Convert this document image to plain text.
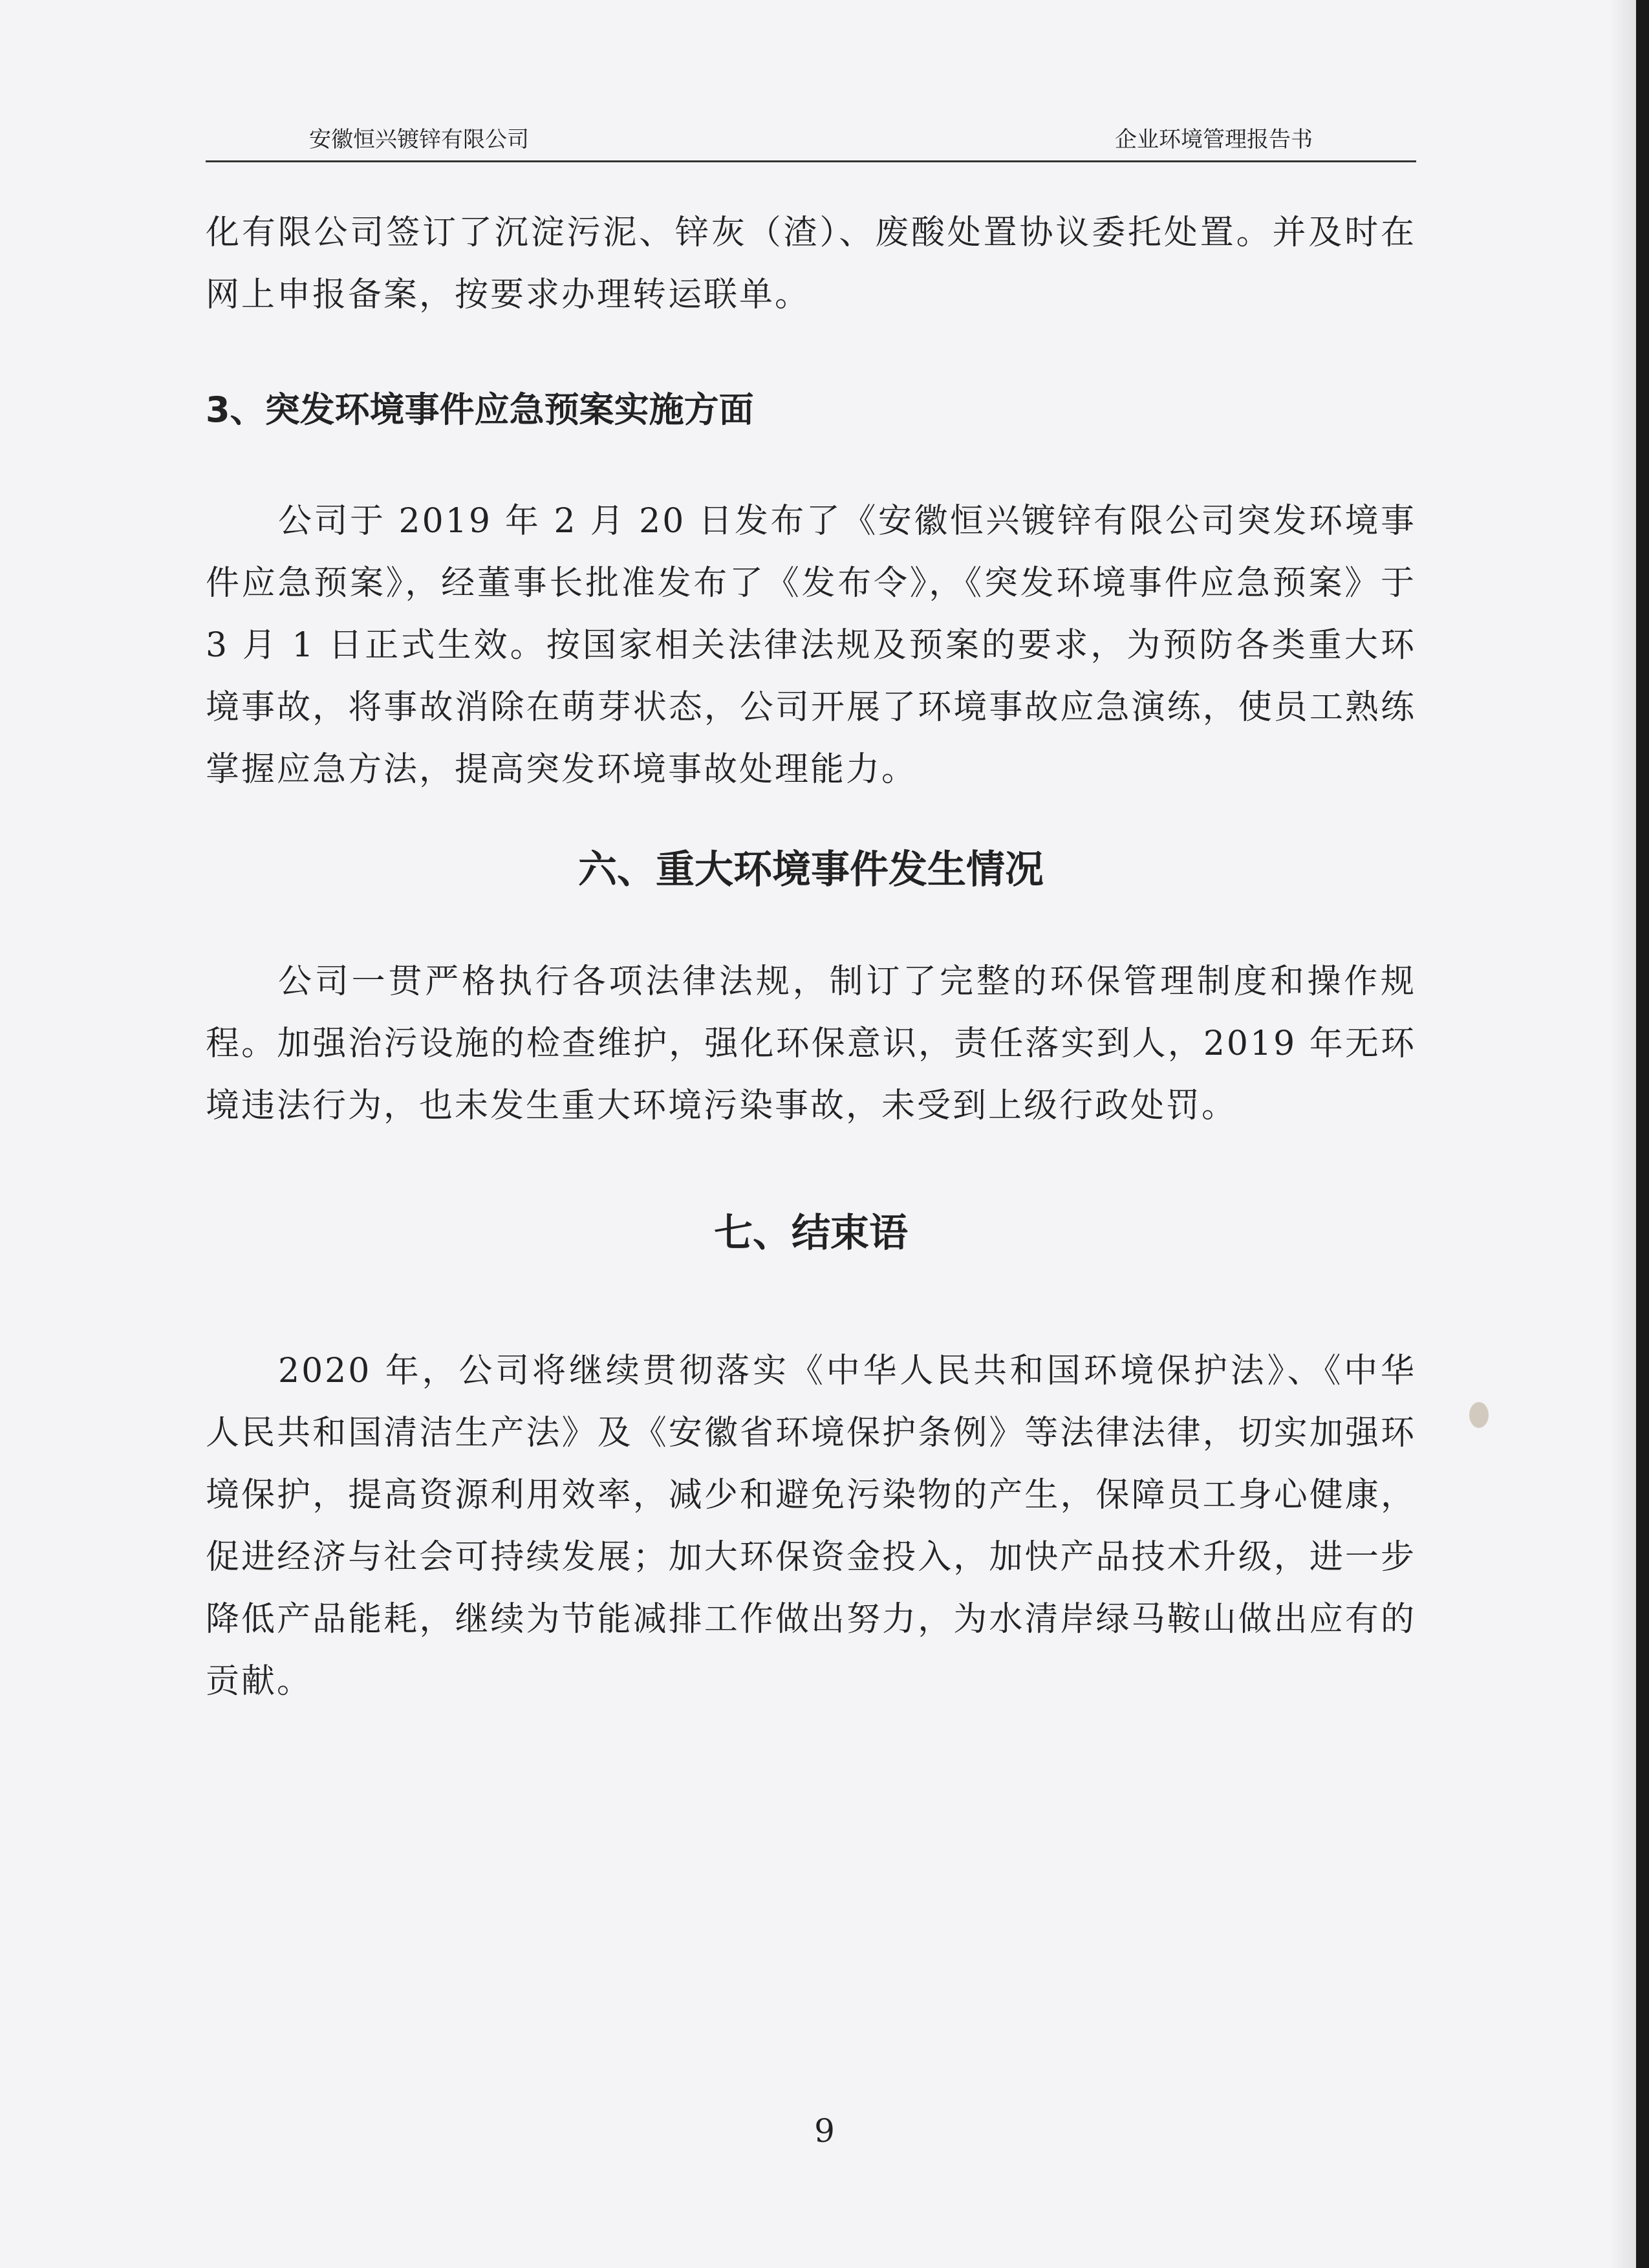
安徽恒兴镀锌有限公司	企业环境管理报告书

化有限公司签订了沉淀污泥、锌灰（渣）、废酸处置协议委托处置。并及时在网上申报备案，按要求办理转运联单。

3、突发环境事件应急预案实施方面

公司于 2019 年 2 月 20 日发布了《安徽恒兴镀锌有限公司突发环境事件应急预案》，经董事长批准发布了《发布令》，《突发环境事件应急预案》于 3 月 1 日正式生效。按国家相关法律法规及预案的要求，为预防各类重大环境事故，将事故消除在萌芽状态，公司开展了环境事故应急演练，使员工熟练掌握应急方法，提高突发环境事故处理能力。

六、重大环境事件发生情况

公司一贯严格执行各项法律法规，制订了完整的环保管理制度和操作规程。加强治污设施的检查维护，强化环保意识，责任落实到人，2019 年无环境违法行为，也未发生重大环境污染事故，未受到上级行政处罚。

七、结束语

2020 年，公司将继续贯彻落实《中华人民共和国环境保护法》、《中华人民共和国清洁生产法》及《安徽省环境保护条例》等法律法律，切实加强环境保护，提高资源利用效率，减少和避免污染物的产生，保障员工身心健康，促进经济与社会可持续发展；加大环保资金投入，加快产品技术升级，进一步降低产品能耗，继续为节能减排工作做出努力，为水清岸绿马鞍山做出应有的贡献。

9
